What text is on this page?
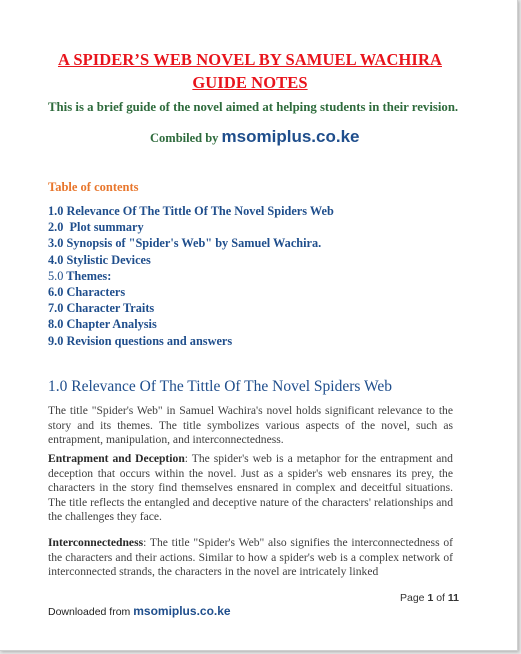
A SPIDER’S WEB NOVEL BY SAMUEL WACHIRA
GUIDE NOTES
This is a brief guide of the novel aimed at helping students in their revision.
Combiled by msomiplus.co.ke
Table of contents
1.0 Relevance Of The Tittle Of The Novel Spiders Web
2.0  Plot summary
3.0 Synopsis of "Spider's Web" by Samuel Wachira.
4.0 Stylistic Devices
5.0 Themes:
6.0 Characters
7.0 Character Traits
8.0 Chapter Analysis
9.0 Revision questions and answers
1.0 Relevance Of The Tittle Of The Novel Spiders Web
The title "Spider's Web" in Samuel Wachira's novel holds significant relevance to the story and its themes. The title symbolizes various aspects of the novel, such as entrapment, manipulation, and interconnectedness.
Entrapment and Deception: The spider's web is a metaphor for the entrapment and deception that occurs within the novel. Just as a spider's web ensnares its prey, the characters in the story find themselves ensnared in complex and deceitful situations. The title reflects the entangled and deceptive nature of the characters' relationships and the challenges they face.
Interconnectedness: The title "Spider's Web" also signifies the interconnectedness of the characters and their actions. Similar to how a spider's web is a complex network of interconnected strands, the characters in the novel are intricately linked
Page 1 of 11
Downloaded from msomiplus.co.ke
